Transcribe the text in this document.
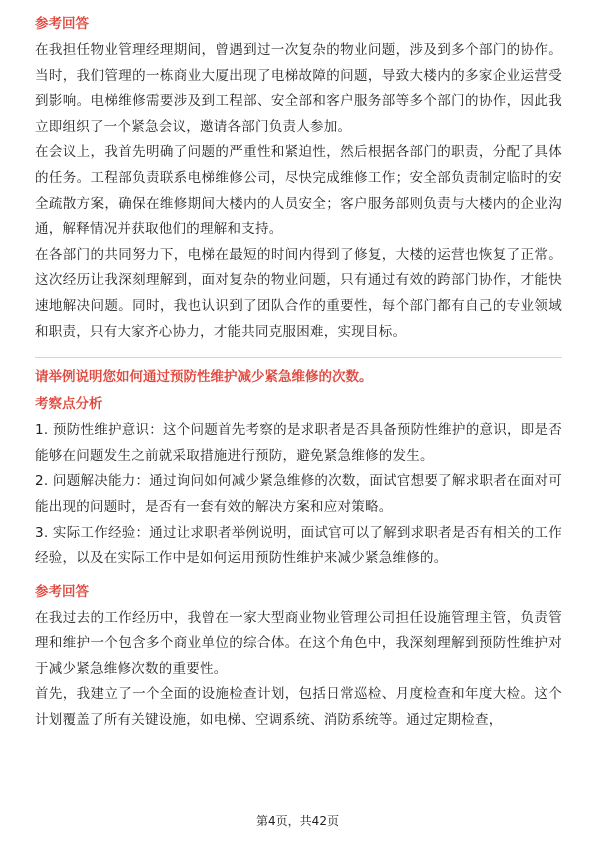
参考回答

在我担任物业管理经理期间，曾遇到过一次复杂的物业问题，涉及到多个部门的协作。当时，我们管理的一栋商业大厦出现了电梯故障的问题，导致大楼内的多家企业运营受到影响。电梯维修需要涉及到工程部、安全部和客户服务部等多个部门的协作，因此我立即组织了一个紧急会议，邀请各部门负责人参加。

在会议上，我首先明确了问题的严重性和紧迫性，然后根据各部门的职责，分配了具体的任务。工程部负责联系电梯维修公司，尽快完成维修工作；安全部负责制定临时的安全疏散方案，确保在维修期间大楼内的人员安全；客户服务部则负责与大楼内的企业沟通，解释情况并获取他们的理解和支持。

在各部门的共同努力下，电梯在最短的时间内得到了修复，大楼的运营也恢复了正常。这次经历让我深刻理解到，面对复杂的物业问题，只有通过有效的跨部门协作，才能快速地解决问题。同时，我也认识到了团队合作的重要性，每个部门都有自己的专业领域和职责，只有大家齐心协力，才能共同克服困难，实现目标。

请举例说明您如何通过预防性维护减少紧急维修的次数。
考察点分析

1. 预防性维护意识：这个问题首先考察的是求职者是否具备预防性维护的意识，即是否能够在问题发生之前就采取措施进行预防，避免紧急维修的发生。

2. 问题解决能力：通过询问如何减少紧急维修的次数，面试官想要了解求职者在面对可能出现的问题时，是否有一套有效的解决方案和应对策略。

3. 实际工作经验：通过让求职者举例说明，面试官可以了解到求职者是否有相关的工作经验，以及在实际工作中是如何运用预防性维护来减少紧急维修的。

参考回答

在我过去的工作经历中，我曾在一家大型商业物业管理公司担任设施管理主管，负责管理和维护一个包含多个商业单位的综合体。在这个角色中，我深刻理解到预防性维护对于减少紧急维修次数的重要性。

首先，我建立了一个全面的设施检查计划，包括日常巡检、月度检查和年度大检。这个计划覆盖了所有关键设施，如电梯、空调系统、消防系统等。通过定期检查，

第4页，共42页
